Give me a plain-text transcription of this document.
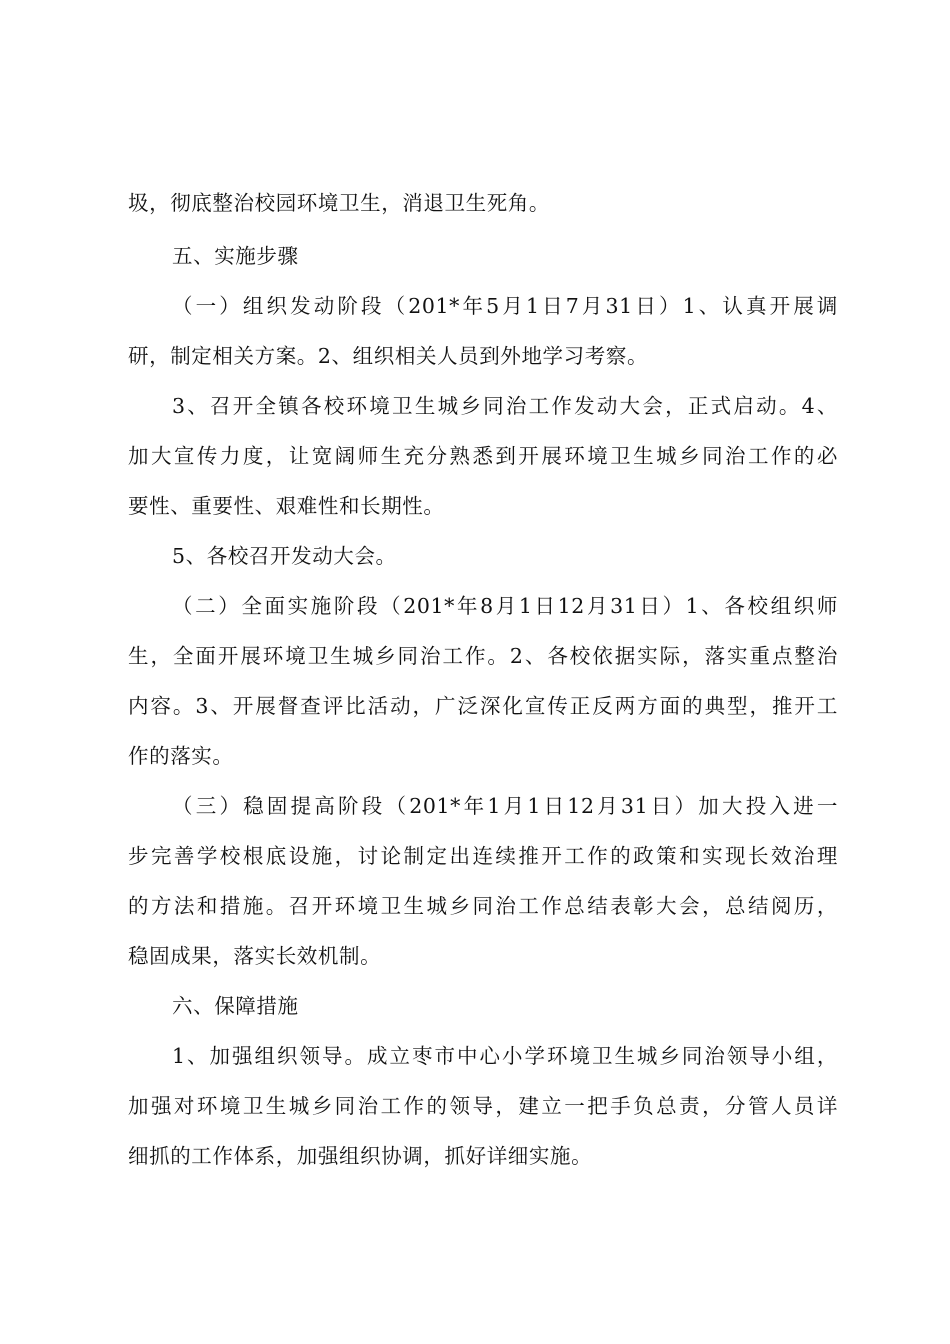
圾，彻底整治校园环境卫生，消退卫生死角。
五、实施步骤
（一）组织发动阶段（201*年5月1日7月31日）1、认真开展调
研，制定相关方案。2、组织相关人员到外地学习考察。
3、召开全镇各校环境卫生城乡同治工作发动大会，正式启动。4、
加大宣传力度，让宽阔师生充分熟悉到开展环境卫生城乡同治工作的必
要性、重要性、艰难性和长期性。
5、各校召开发动大会。
（二）全面实施阶段（201*年8月1日12月31日）1、各校组织师
生，全面开展环境卫生城乡同治工作。2、各校依据实际，落实重点整治
内容。3、开展督查评比活动，广泛深化宣传正反两方面的典型，推开工
作的落实。
（三）稳固提高阶段（201*年1月1日12月31日）加大投入进一
步完善学校根底设施，讨论制定出连续推开工作的政策和实现长效治理
的方法和措施。召开环境卫生城乡同治工作总结表彰大会，总结阅历，
稳固成果，落实长效机制。
六、保障措施
1、加强组织领导。成立枣市中心小学环境卫生城乡同治领导小组，
加强对环境卫生城乡同治工作的领导，建立一把手负总责，分管人员详
细抓的工作体系，加强组织协调，抓好详细实施。
